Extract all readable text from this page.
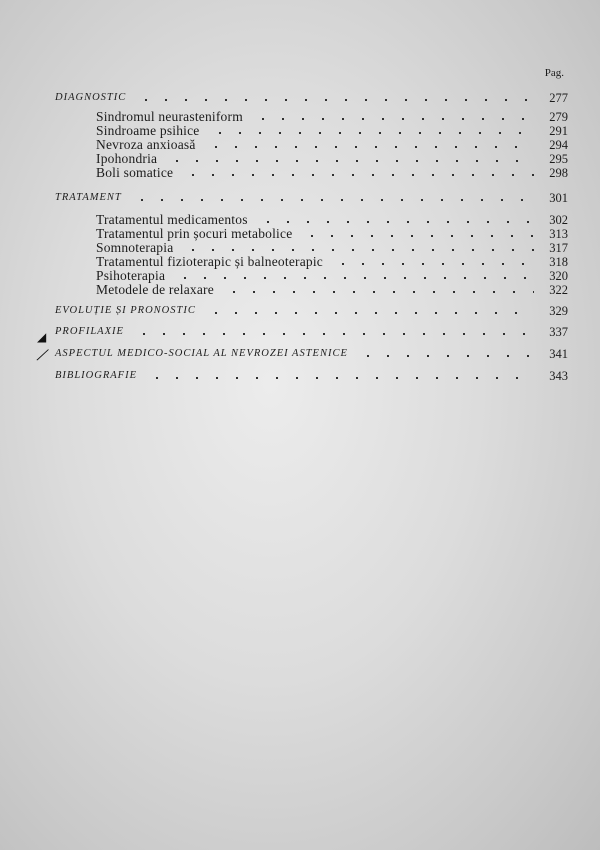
Pag.
DIAGNOSTIC	277
Sindromul neurasteniform	279
Sindroame psihice	291
Nevroza anxioasă	294
Ipohondria	295
Boli somatice	298
TRATAMENT	301
Tratamentul medicamentos	302
Tratamentul prin șocuri metabolice	313
Somnoterapia	317
Tratamentul fizioterapic și balneoterapic	318
Psihoterapia	320
Metodele de relaxare	322
EVOLUȚIE ȘI PRONOSTIC	329
PROFILAXIE	337
ASPECTUL MEDICO-SOCIAL AL NEVROZEI ASTENICE	341
BIBLIOGRAFIE	343
◢
╱
